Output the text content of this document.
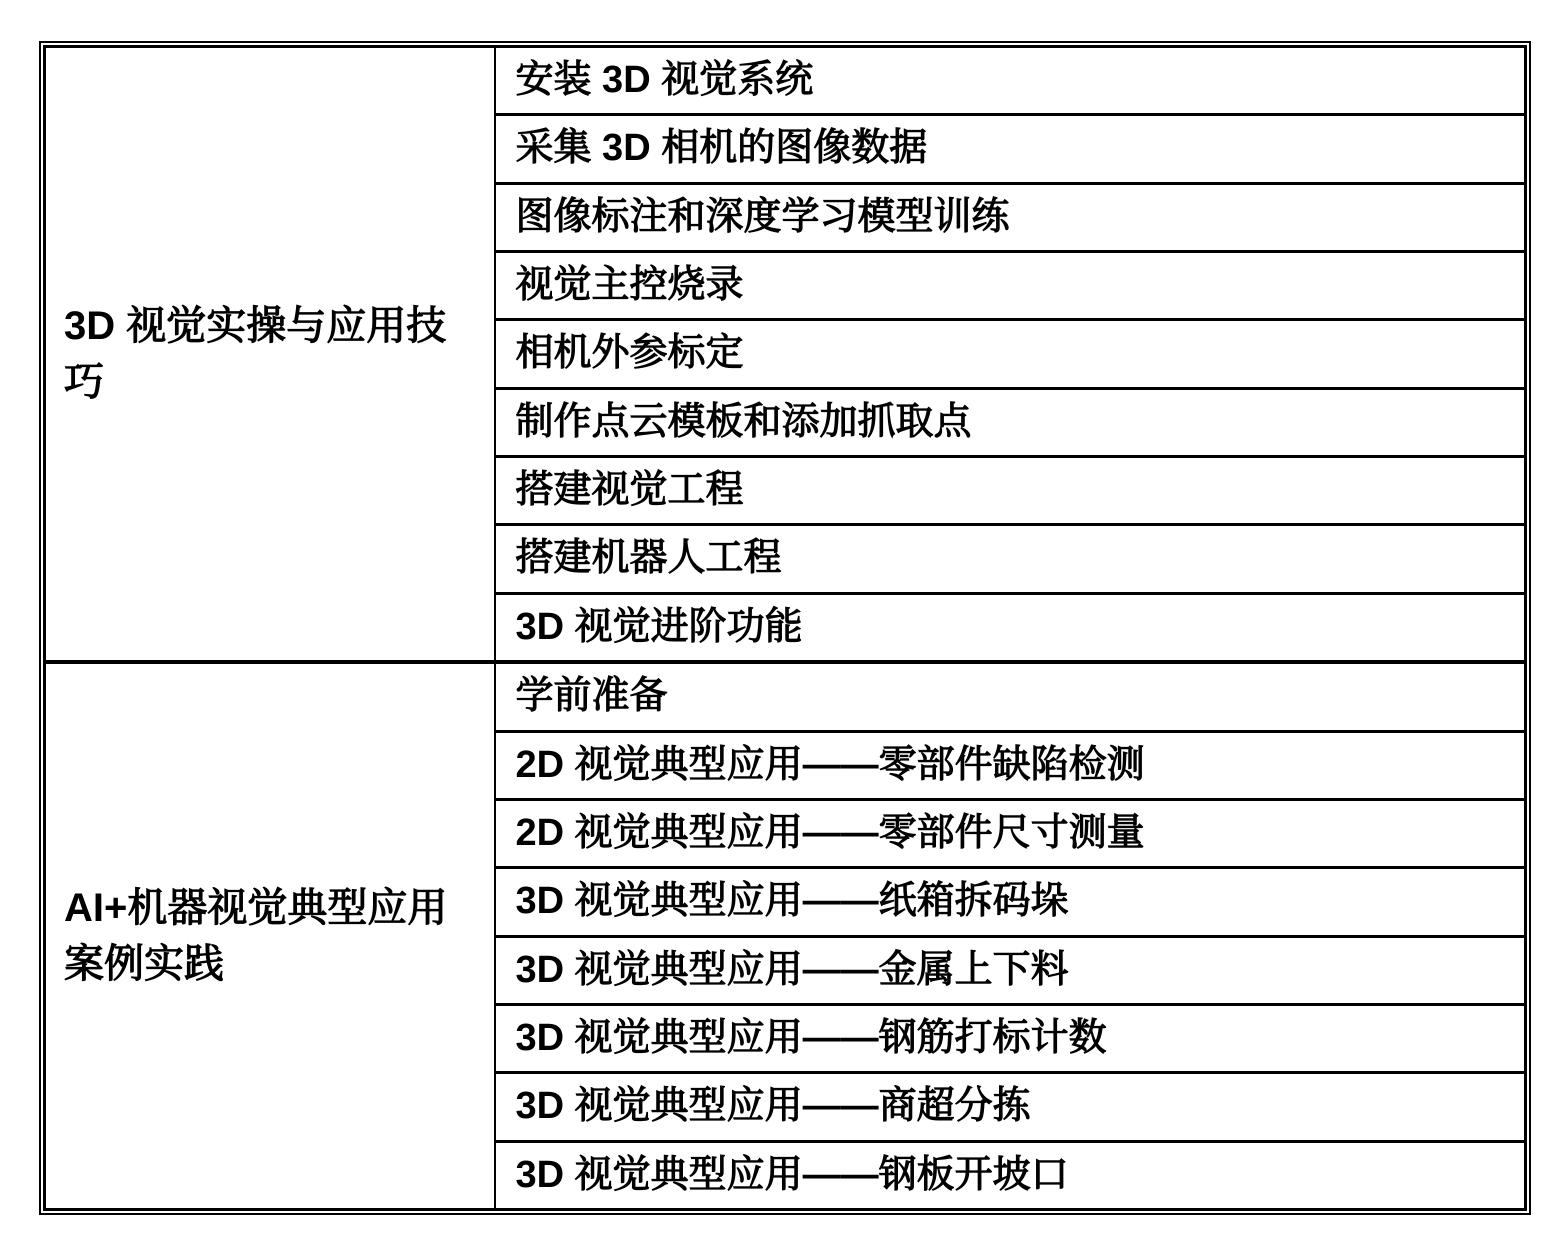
3D 视觉实操与应用技巧	安装 3D 视觉系统
	采集 3D 相机的图像数据
	图像标注和深度学习模型训练
	视觉主控烧录
	相机外参标定
	制作点云模板和添加抓取点
	搭建视觉工程
	搭建机器人工程
	3D 视觉进阶功能
AI+机器视觉典型应用案例实践	学前准备
	2D 视觉典型应用——零部件缺陷检测
	2D 视觉典型应用——零部件尺寸测量
	3D 视觉典型应用——纸箱拆码垛
	3D 视觉典型应用——金属上下料
	3D 视觉典型应用——钢筋打标计数
	3D 视觉典型应用——商超分拣
	3D 视觉典型应用——钢板开坡口
